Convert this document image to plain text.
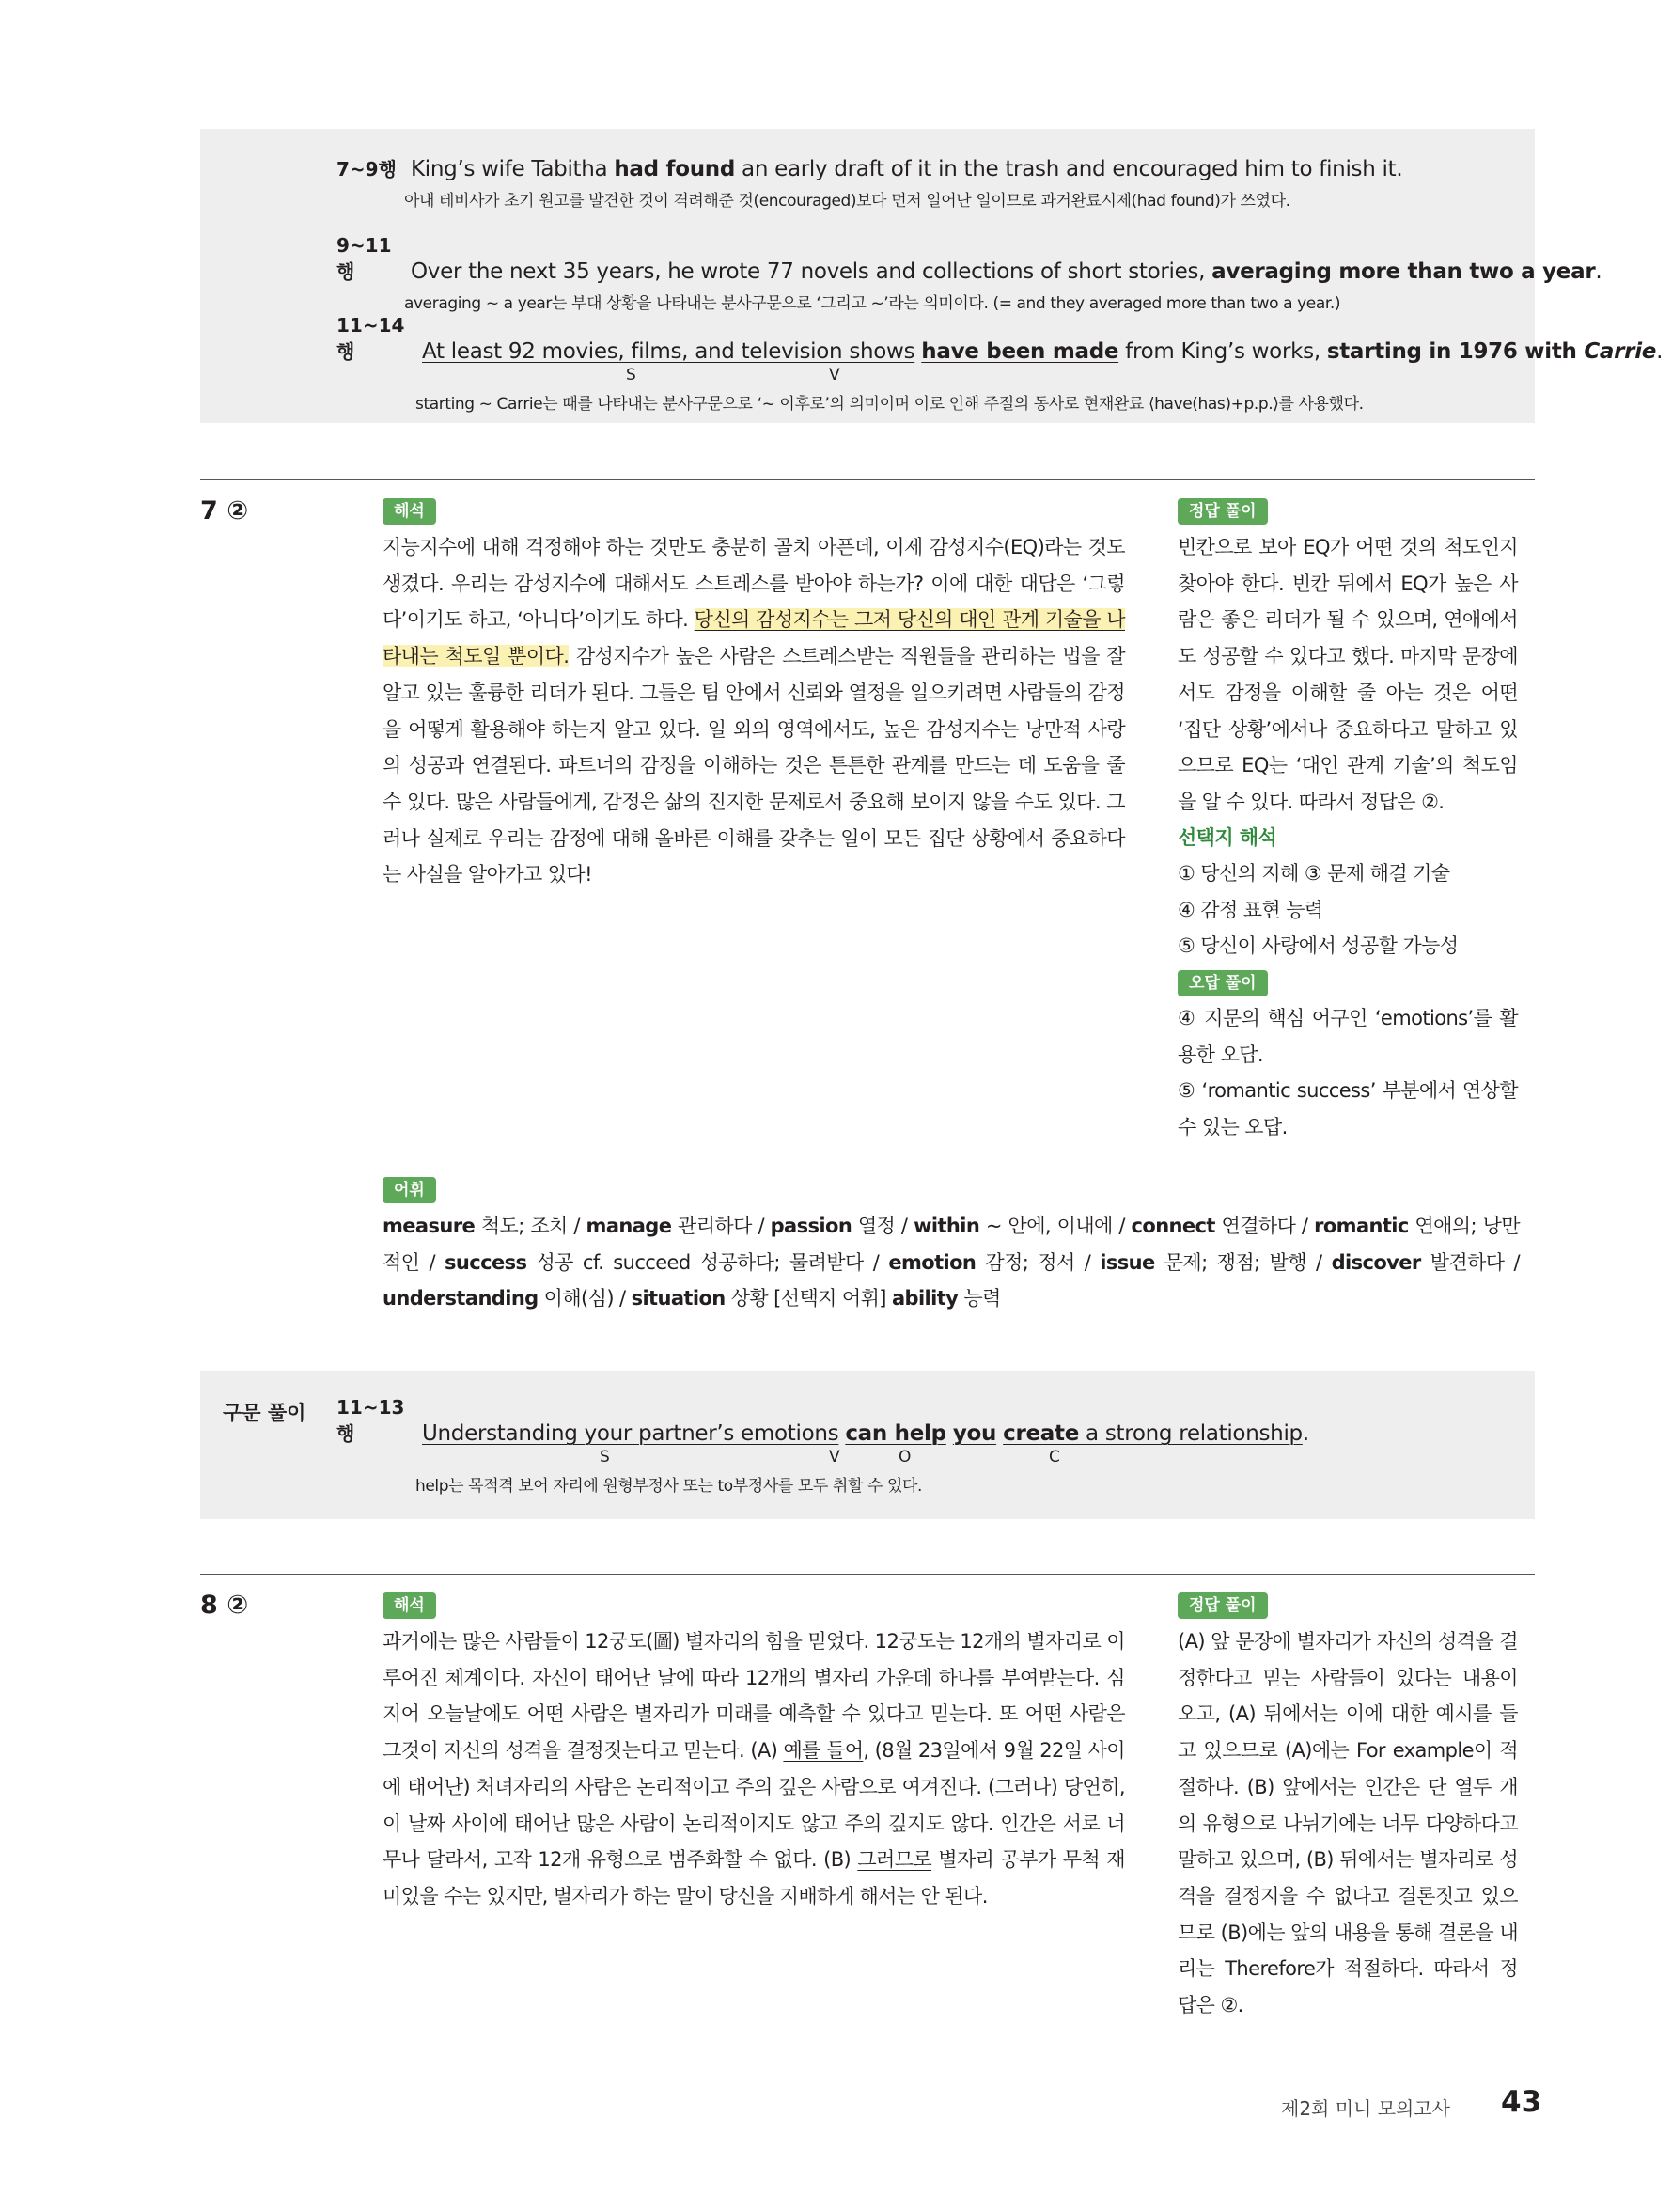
7~9행 King’s wife Tabitha had found an early draft of it in the trash and encouraged him to finish it.
아내 테비사가 초기 원고를 발견한 것이 격려해준 것(encouraged)보다 먼저 일어난 일이므로 과거완료시제(had found)가 쓰였다.
9~11행	Over the next 35 years, he wrote 77 novels and collections of short stories, averaging more than two a year.
averaging ~ a year는 부대 상황을 나타내는 분사구문으로 ‘그리고 ~’라는 의미이다. (= and they averaged more than two a year.)
11~14행	At least 92 movies, films, and television shows have been made from King’s works, starting in 1976 with Carrie.
S	V
starting ~ Carrie는 때를 나타내는 분사구문으로 ‘~ 이후로’의 의미이며 이로 인해 주절의 동사로 현재완료 ⟨have(has)+p.p.⟩를 사용했다.
7 ②	해석
지능지수에 대해 걱정해야 하는 것만도 충분히 골치 아픈데, 이제 감성지수(EQ)라는 것도 생겼다. 우리는 감성지수에 대해서도 스트레스를 받아야 하는가? 이에 대한 대답은 ‘그렇다’이기도 하고, ‘아니다’이기도 하다. 당신의 감성지수는 그저 당신의 대인 관계 기술을 나타내는 척도일 뿐이다. 감성지수가 높은 사람은 스트레스받는 직원들을 관리하는 법을 잘 알고 있는 훌륭한 리더가 된다. 그들은 팀 안에서 신뢰와 열정을 일으키려면 사람들의 감정을 어떻게 활용해야 하는지 알고 있다. 일 외의 영역에서도, 높은 감성지수는 낭만적 사랑의 성공과 연결된다. 파트너의 감정을 이해하는 것은 튼튼한 관계를 만드는 데 도움을 줄 수 있다. 많은 사람들에게, 감정은 삶의 진지한 문제로서 중요해 보이지 않을 수도 있다. 그러나 실제로 우리는 감정에 대해 올바른 이해를 갖추는 일이 모든 집단 상황에서 중요하다는 사실을 알아가고 있다!
정답 풀이
빈칸으로 보아 EQ가 어떤 것의 척도인지 찾아야 한다. 빈칸 뒤에서 EQ가 높은 사람은 좋은 리더가 될 수 있으며, 연애에서도 성공할 수 있다고 했다. 마지막 문장에서도 감정을 이해할 줄 아는 것은 어떤 ‘집단 상황’에서나 중요하다고 말하고 있으므로 EQ는 ‘대인 관계 기술’의 척도임을 알 수 있다. 따라서 정답은 ②.
선택지 해석
① 당신의 지혜 ③ 문제 해결 기술
④ 감정 표현 능력
⑤ 당신이 사랑에서 성공할 가능성
오답 풀이
④ 지문의 핵심 어구인 ‘emotions’를 활용한 오답.
⑤ ‘romantic success’ 부분에서 연상할 수 있는 오답.
어휘
measure 척도; 조치 / manage 관리하다 / passion 열정 / within ~ 안에, 이내에 / connect 연결하다 / romantic 연애의; 낭만적인 / success 성공 cf. succeed 성공하다; 물려받다 / emotion 감정; 정서 / issue 문제; 쟁점; 발행 / discover 발견하다 / understanding 이해(심) / situation 상황 [선택지 어휘] ability 능력
구문 풀이 11~13행	Understanding your partner’s emotions can help you create a strong relationship.
S	V	O	C
help는 목적격 보어 자리에 원형부정사 또는 to부정사를 모두 취할 수 있다.
8 ②	해석
과거에는 많은 사람들이 12궁도(圖) 별자리의 힘을 믿었다. 12궁도는 12개의 별자리로 이루어진 체계이다. 자신이 태어난 날에 따라 12개의 별자리 가운데 하나를 부여받는다. 심지어 오늘날에도 어떤 사람은 별자리가 미래를 예측할 수 있다고 믿는다. 또 어떤 사람은 그것이 자신의 성격을 결정짓는다고 믿는다. (A) 예를 들어, (8월 23일에서 9월 22일 사이에 태어난) 처녀자리의 사람은 논리적이고 주의 깊은 사람으로 여겨진다. (그러나) 당연히, 이 날짜 사이에 태어난 많은 사람이 논리적이지도 않고 주의 깊지도 않다. 인간은 서로 너무나 달라서, 고작 12개 유형으로 범주화할 수 없다. (B) 그러므로 별자리 공부가 무척 재미있을 수는 있지만, 별자리가 하는 말이 당신을 지배하게 해서는 안 된다.
정답 풀이
(A) 앞 문장에 별자리가 자신의 성격을 결정한다고 믿는 사람들이 있다는 내용이 오고, (A) 뒤에서는 이에 대한 예시를 들고 있으므로 (A)에는 For example이 적절하다. (B) 앞에서는 인간은 단 열두 개의 유형으로 나뉘기에는 너무 다양하다고 말하고 있으며, (B) 뒤에서는 별자리로 성격을 결정지을 수 없다고 결론짓고 있으므로 (B)에는 앞의 내용을 통해 결론을 내리는 Therefore가 적절하다. 따라서 정답은 ②.
제2회 미니 모의고사 43
